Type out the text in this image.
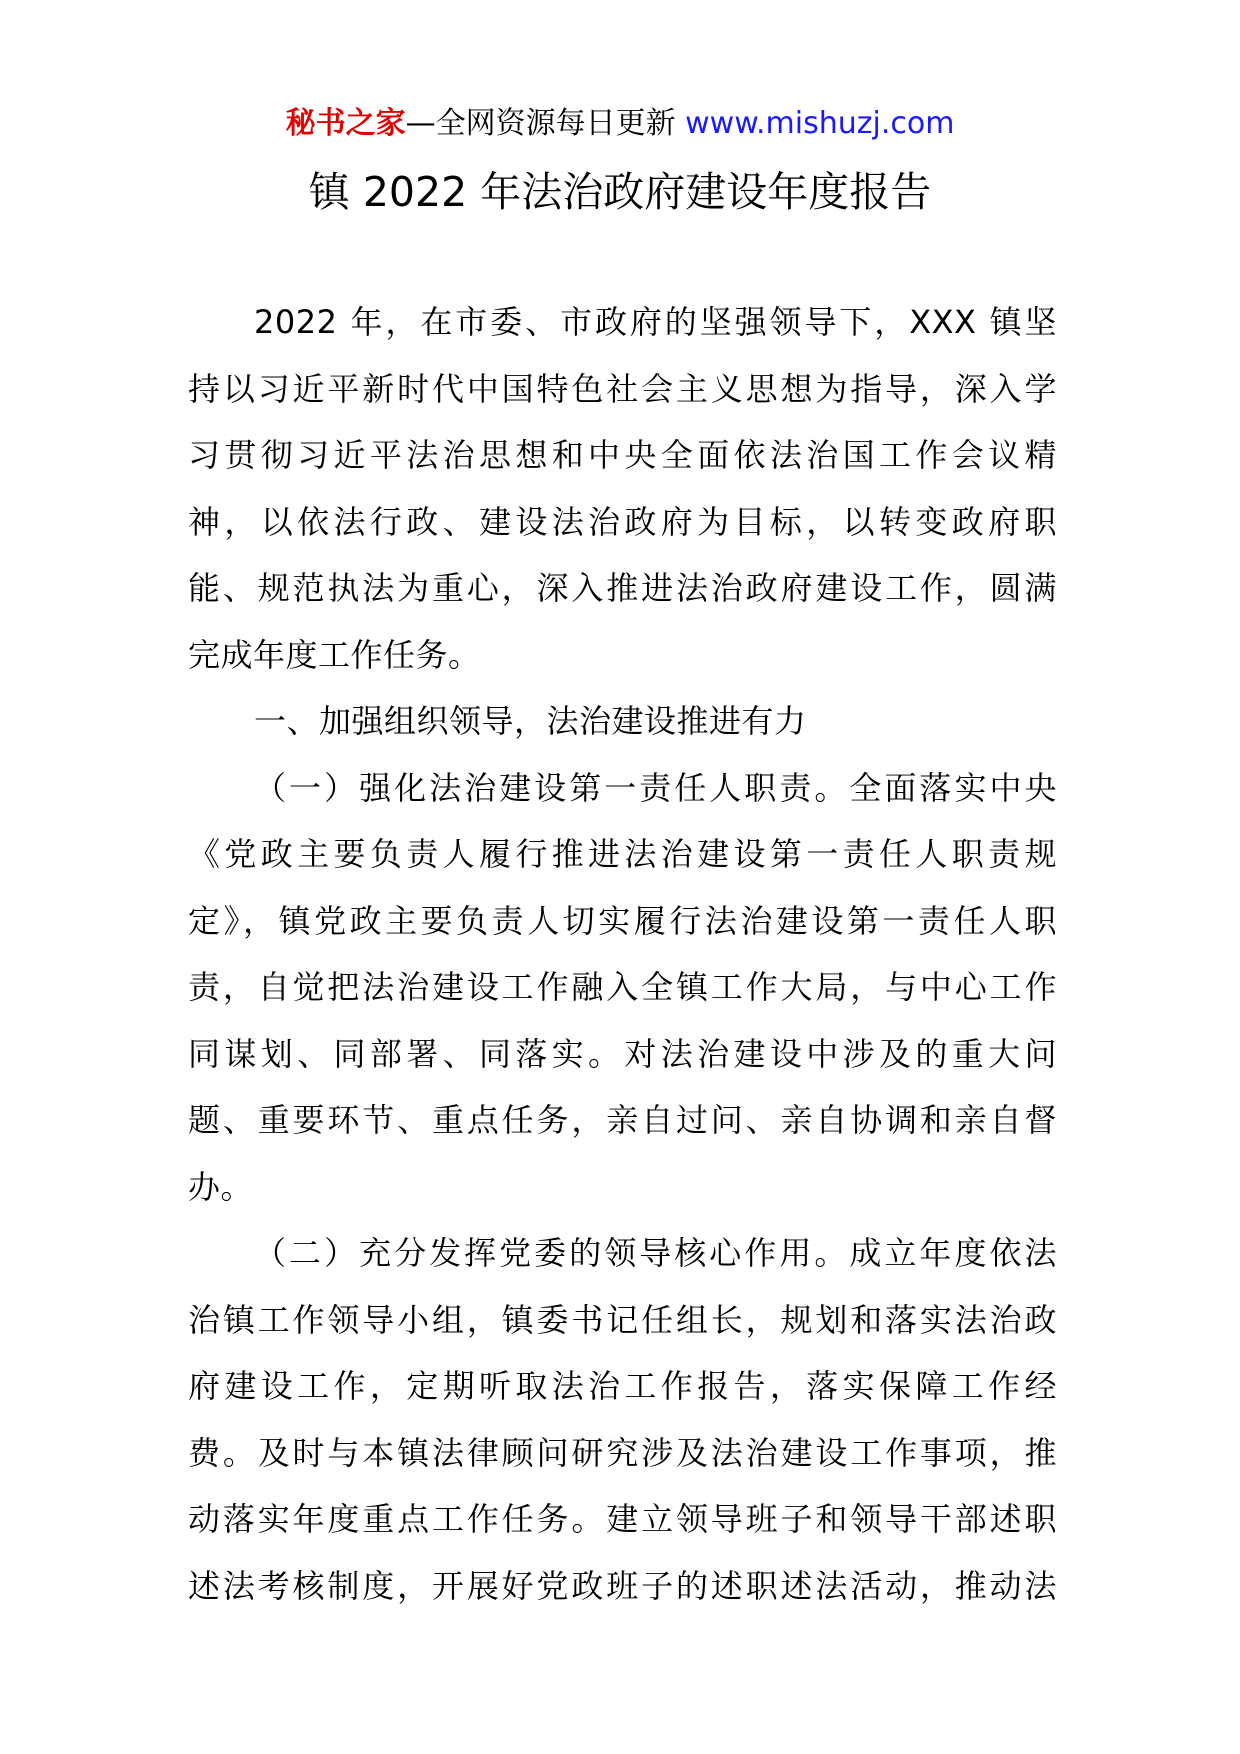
秘书之家—全网资源每日更新 www.mishuzj.com
镇 2022 年法治政府建设年度报告
2022 年，在市委、市政府的坚强领导下，XXX 镇坚
持以习近平新时代中国特色社会主义思想为指导，深入学
习贯彻习近平法治思想和中央全面依法治国工作会议精
神，以依法行政、建设法治政府为目标，以转变政府职
能、规范执法为重心，深入推进法治政府建设工作，圆满
完成年度工作任务。
一、加强组织领导，法治建设推进有力
（一）强化法治建设第一责任人职责。全面落实中央
《党政主要负责人履行推进法治建设第一责任人职责规
定》，镇党政主要负责人切实履行法治建设第一责任人职
责，自觉把法治建设工作融入全镇工作大局，与中心工作
同谋划、同部署、同落实。对法治建设中涉及的重大问
题、重要环节、重点任务，亲自过问、亲自协调和亲自督
办。
（二）充分发挥党委的领导核心作用。成立年度依法
治镇工作领导小组，镇委书记任组长，规划和落实法治政
府建设工作，定期听取法治工作报告，落实保障工作经
费。及时与本镇法律顾问研究涉及法治建设工作事项，推
动落实年度重点工作任务。建立领导班子和领导干部述职
述法考核制度，开展好党政班子的述职述法活动，推动法
